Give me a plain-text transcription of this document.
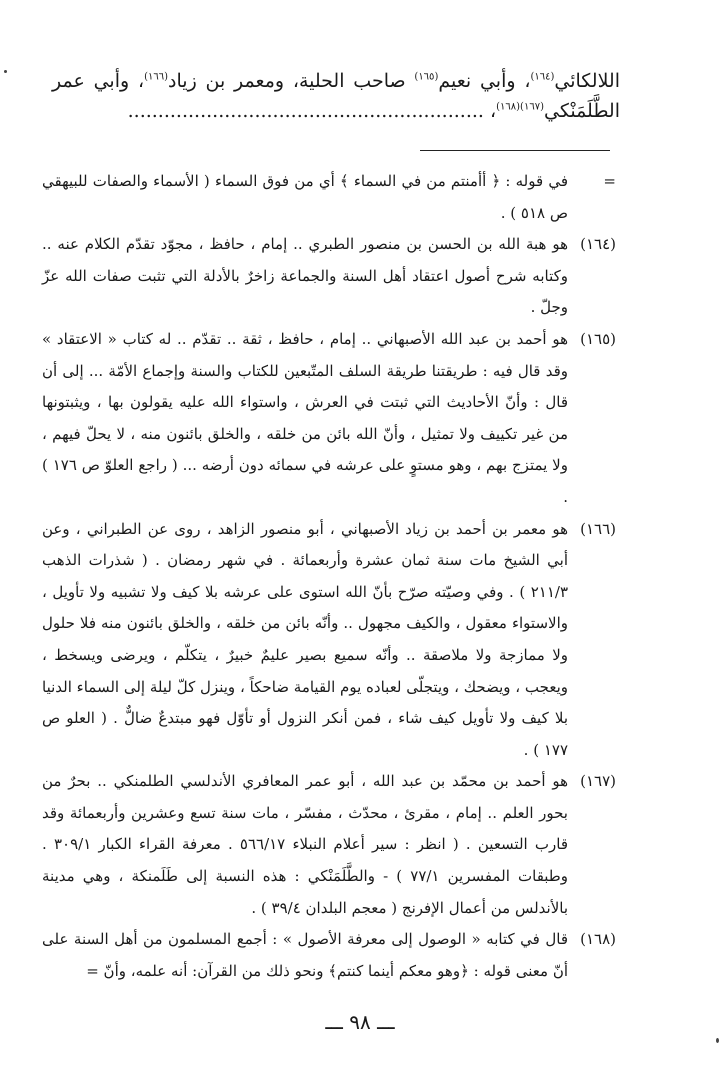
اللالكائي$^{(١٦٤)}$، وأبي نعيم$^{(١٦٥)}$ صاحب الحلية، ومعمر بن زياد$^{(١٦٦)}$، وأبي عمر الطَّلَمَنْكي$^{(١٦٧)(١٦٨)}$، ...........................................................
=
في قوله : ﴿ أأمنتم من في السماء ﴾ أي من فوق السماء ( الأسماء والصفات للبيهقي ص ٥١٨ ) .
(١٦٤)
هو هبة الله بن الحسن بن منصور الطبري .. إمام ، حافظ ، مجوّد تقدّم الكلام عنه .. وكتابه شرح أصول اعتقاد أهل السنة والجماعة زاخرٌ بالأدلة التي تثبت صفات الله عزّ وجلّ .
(١٦٥)
هو أحمد بن عبد الله الأصبهاني .. إمام ، حافظ ، ثقة .. تقدّم .. له كتاب « الاعتقاد » وقد قال فيه : طريقتنا طريقة السلف المتّبعين للكتاب والسنة وإجماع الأمّة ... إلى أن قال : وأنّ الأحاديث التي ثبتت في العرش ، واستواء الله عليه يقولون بها ، ويثبتونها من غير تكييف ولا تمثيل ، وأنّ الله بائن من خلقه ، والخلق بائنون منه ، لا يحلّ فيهم ، ولا يمتزج بهم ، وهو مستوٍ على عرشه في سمائه دون أرضه ... ( راجع العلوّ ص ١٧٦ ) .
(١٦٦)
هو معمر بن أحمد بن زياد الأصبهاني ، أبو منصور الزاهد ، روى عن الطبراني ، وعن أبي الشيخ مات سنة ثمان عشرة وأربعمائة . في شهر رمضان . ( شذرات الذهب ٢١١/٣ ) . وفي وصيّته صرّح بأنّ الله استوى على عرشه بلا كيف ولا تشبيه ولا تأويل ، والاستواء معقول ، والكيف مجهول .. وأنّه بائن من خلقه ، والخلق بائنون منه فلا حلول ولا ممازجة ولا ملاصقة .. وأنّه سميع بصير عليمٌ خبيرٌ ، يتكلّم ، ويرضى ويسخط ، ويعجب ، ويضحك ، ويتجلّى لعباده يوم القيامة ضاحكاً ، وينزل كلّ ليلة إلى السماء الدنيا بلا كيف ولا تأويل كيف شاء ، فمن أنكر النزول أو تأوّل فهو مبتدعٌ ضالٌّ . ( العلو ص ١٧٧ ) .
(١٦٧)
هو أحمد بن محمّد بن عبد الله ، أبو عمر المعافري الأندلسي الطلمنكي .. بحرٌ من بحور العلم .. إمام ، مقرئ ، محدّث ، مفسّر ، مات سنة تسع وعشرين وأربعمائة وقد قارب التسعين . ( انظر : سير أعلام النبلاء ٥٦٦/١٧ . معرفة القراء الكبار ٣٠٩/١ . وطبقات المفسرين ٧٧/١ ) - والطَّلَمَنْكي : هذه النسبة إلى طَلَمنكة ، وهي مدينة بالأندلس من أعمال الإفرنج ( معجم البلدان ٣٩/٤ ) .
(١٦٨)
قال في كتابه « الوصول إلى معرفة الأصول » : أجمع المسلمون من أهل السنة على أنّ معنى قوله : ﴿وهو معكم أينما كنتم﴾ ونحو ذلك من القرآن: أنه علمه، وأنّ =
ـــ ٩٨ ـــ
